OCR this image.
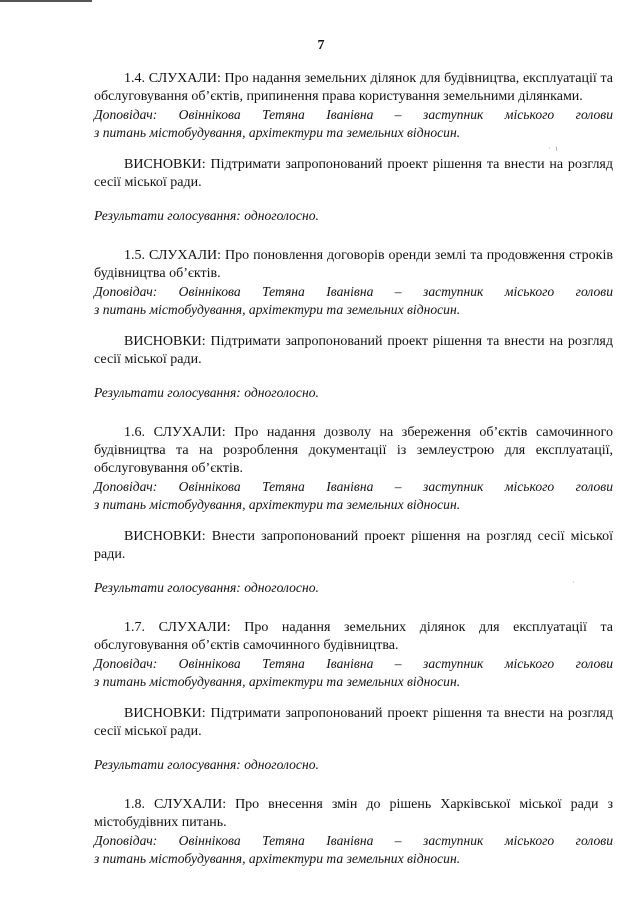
7

1.4. СЛУХАЛИ: Про надання земельних ділянок для будівництва, експлуатації та обслуговування об’єктів, припинення права користування земельними ділянками.

Доповідач: Овіннікова Тетяна Іванівна – заступник міського голови

з питань містобудування, архітектури та земельних відносин.

ВИСНОВКИ: Підтримати запропонований проект рішення та внести на розгляд сесії міської ради.

Результати голосування: одноголосно.

1.5. СЛУХАЛИ: Про поновлення договорів оренди землі та продовження строків будівництва об’єктів.

Доповідач: Овіннікова Тетяна Іванівна – заступник міського голови

з питань містобудування, архітектури та земельних відносин.

ВИСНОВКИ: Підтримати запропонований проект рішення та внести на розгляд сесії міської ради.

Результати голосування: одноголосно.

1.6. СЛУХАЛИ: Про надання дозволу на збереження об’єктів самочинного будівництва та на розроблення документації із землеустрою для експлуатації, обслуговування об’єктів.

Доповідач: Овіннікова Тетяна Іванівна – заступник міського голови

з питань містобудування, архітектури та земельних відносин.

ВИСНОВКИ: Внести запропонований проект рішення на розгляд сесії міської ради.

Результати голосування: одноголосно.

1.7. СЛУХАЛИ: Про надання земельних ділянок для експлуатації та обслуговування об’єктів самочинного будівництва.

Доповідач: Овіннікова Тетяна Іванівна – заступник міського голови

з питань містобудування, архітектури та земельних відносин.

ВИСНОВКИ: Підтримати запропонований проект рішення та внести на розгляд сесії міської ради.

Результати голосування: одноголосно.

1.8. СЛУХАЛИ: Про внесення змін до рішень Харківської міської ради з містобудівних питань.

Доповідач: Овіннікова Тетяна Іванівна – заступник міського голови

з питань містобудування, архітектури та земельних відносин.

·   ı
·
